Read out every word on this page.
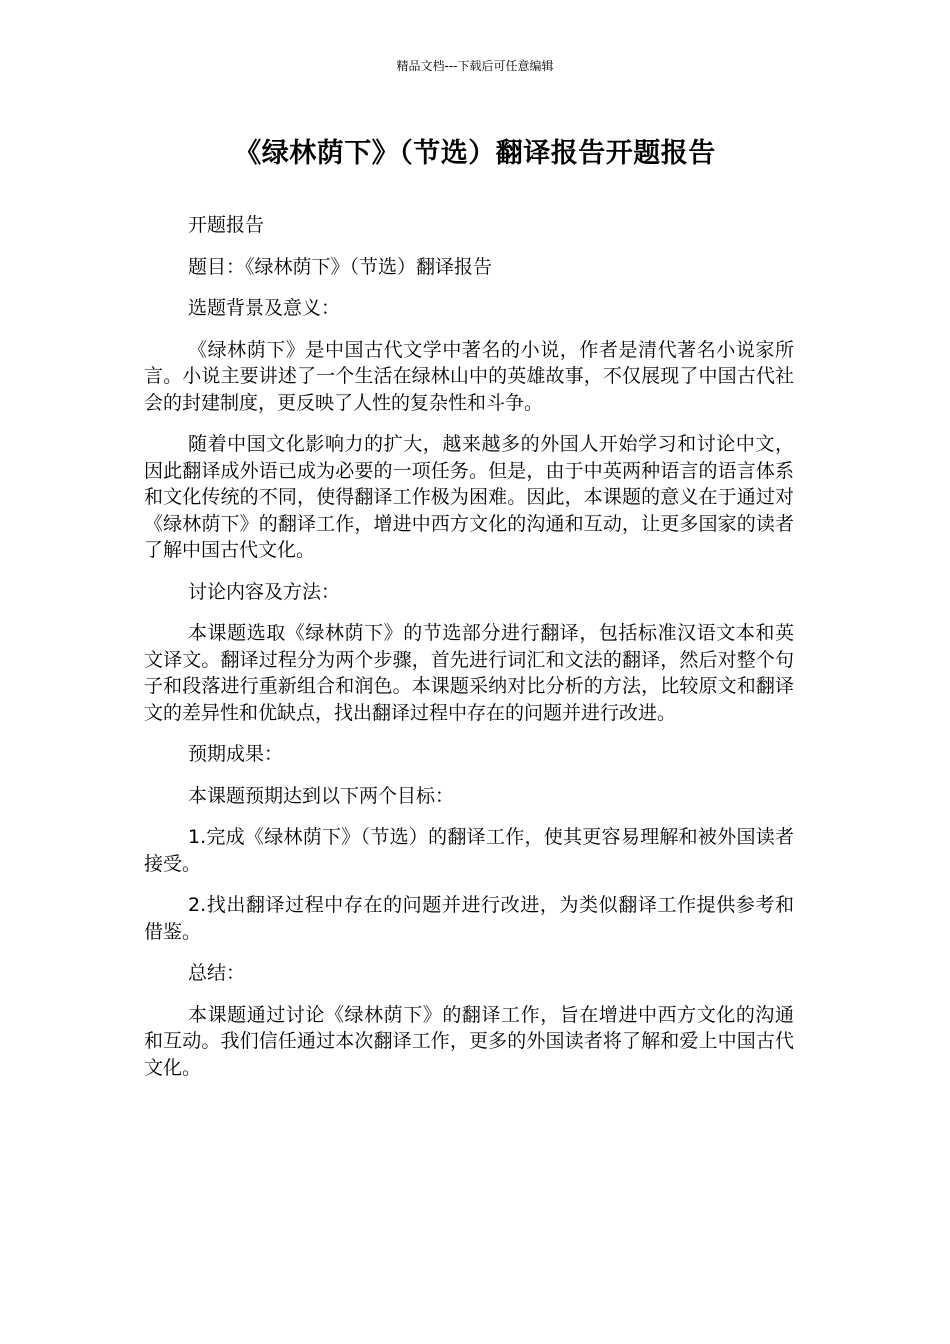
精品文档---下载后可任意编辑
《绿林荫下》（节选）翻译报告开题报告

开题报告

题目：《绿林荫下》（节选）翻译报告

选题背景及意义：

《绿林荫下》是中国古代文学中著名的小说，作者是清代著名小说家所言。小说主要讲述了一个生活在绿林山中的英雄故事，不仅展现了中国古代社会的封建制度，更反映了人性的复杂性和斗争。

随着中国文化影响力的扩大，越来越多的外国人开始学习和讨论中文，因此翻译成外语已成为必要的一项任务。但是，由于中英两种语言的语言体系和文化传统的不同，使得翻译工作极为困难。因此，本课题的意义在于通过对《绿林荫下》的翻译工作，增进中西方文化的沟通和互动，让更多国家的读者了解中国古代文化。

讨论内容及方法：

本课题选取《绿林荫下》的节选部分进行翻译，包括标准汉语文本和英文译文。翻译过程分为两个步骤，首先进行词汇和文法的翻译，然后对整个句子和段落进行重新组合和润色。本课题采纳对比分析的方法，比较原文和翻译文的差异性和优缺点，找出翻译过程中存在的问题并进行改进。

预期成果：

本课题预期达到以下两个目标：

1.完成《绿林荫下》（节选）的翻译工作，使其更容易理解和被外国读者接受。

2.找出翻译过程中存在的问题并进行改进，为类似翻译工作提供参考和借鉴。

总结：

本课题通过讨论《绿林荫下》的翻译工作，旨在增进中西方文化的沟通和互动。我们信任通过本次翻译工作，更多的外国读者将了解和爱上中国古代文化。
